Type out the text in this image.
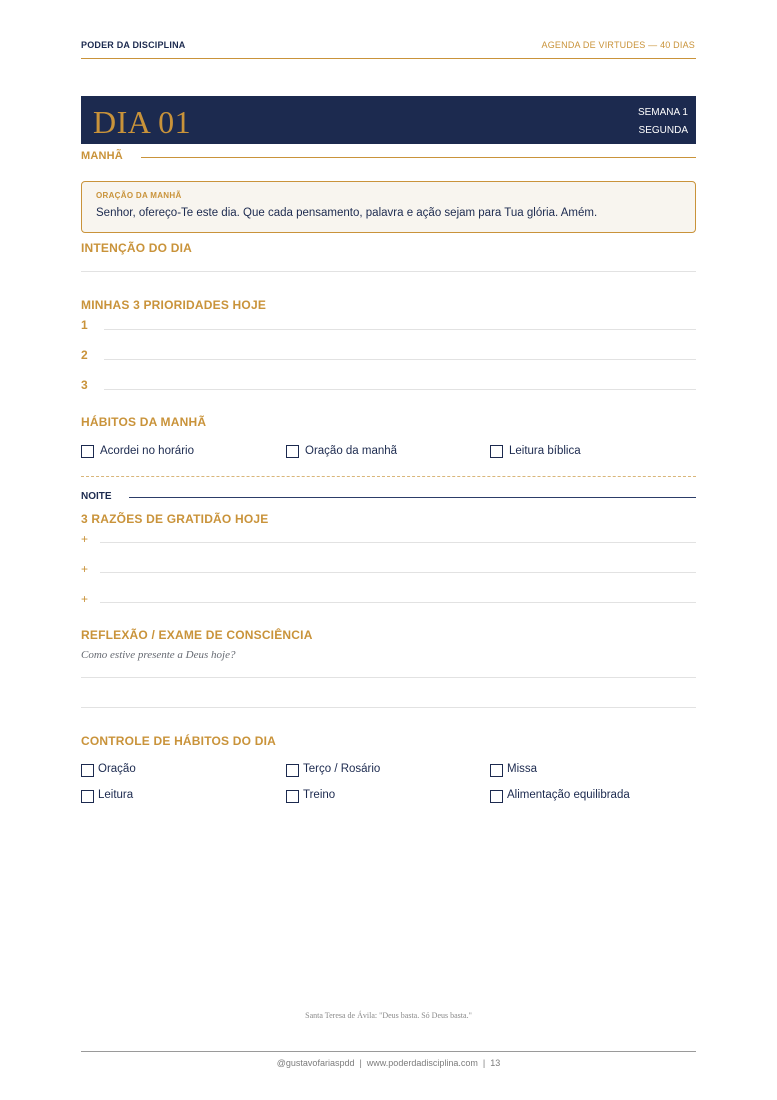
PODER DA DISCIPLINA	AGENDA DE VIRTUDES — 40 DIAS
DIA 01	SEMANA 1
SEGUNDA
MANHÃ
ORAÇÃO DA MANHÃ
Senhor, ofereço-Te este dia. Que cada pensamento, palavra e ação sejam para Tua glória. Amém.
INTENÇÃO DO DIA
MINHAS 3 PRIORIDADES HOJE
1
2
3
HÁBITOS DA MANHÃ
Acordei no horário	Oração da manhã	Leitura bíblica
NOITE
3 RAZÕES DE GRATIDÃO HOJE
+
+
+
REFLEXÃO / EXAME DE CONSCIÊNCIA
Como estive presente a Deus hoje?
CONTROLE DE HÁBITOS DO DIA
Oração	Terço / Rosário	Missa
Leitura	Treino	Alimentação equilibrada
Santa Teresa de Ávila: "Deus basta. Só Deus basta."
@gustavofariaspdd  |  www.poderdadisciplina.com  |  13
